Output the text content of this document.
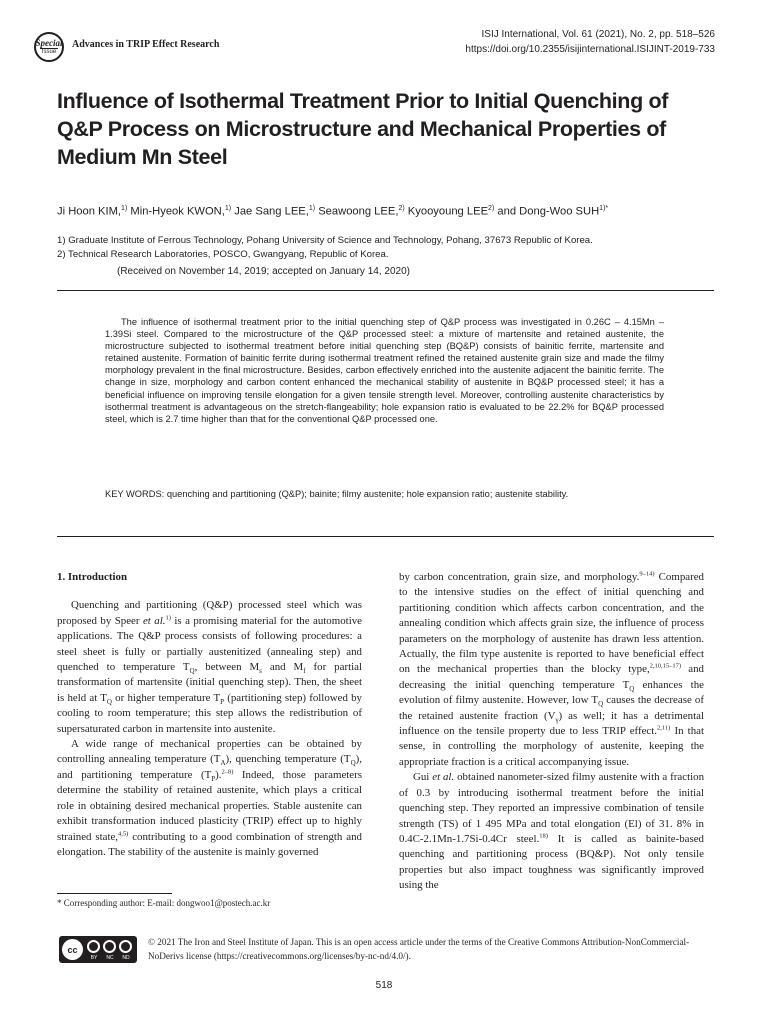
Special
Issue
Advances in TRIP Effect Research
ISIJ International, Vol. 61 (2021), No. 2, pp. 518–526
https://doi.org/10.2355/isijinternational.ISIJINT-2019-733
Influence of Isothermal Treatment Prior to Initial Quenching of Q&P Process on Microstructure and Mechanical Properties of Medium Mn Steel
Ji Hoon KIM,$^{1)}$ Min-Hyeok KWON,$^{1)}$ Jae Sang LEE,$^{1)}$ Seawoong LEE,$^{2)}$ Kyooyoung LEE$^{2)}$ and Dong-Woo $SUH^{1)*}$
1) Graduate Institute of Ferrous Technology, Pohang University of Science and Technology, Pohang, 37673 Republic of Korea.
2) Technical Research Laboratories, POSCO, Gwangyang, Republic of Korea.
(Received on November 14, 2019; accepted on January 14, 2020)

The influence of isothermal treatment prior to the initial quenching step of Q&P process was investigated in 0.26C – 4.15Mn – 1.39Si steel. Compared to the microstructure of the Q&P processed steel: a mixture of martensite and retained austenite, the microstructure subjected to isothermal treatment before initial quenching step (BQ&P) consists of bainitic ferrite, martensite and retained austenite. Formation of bainitic ferrite during isothermal treatment refined the retained austenite grain size and made the filmy morphology prevalent in the final microstructure. Besides, carbon effectively enriched into the austenite adjacent the bainitic ferrite. The change in size, morphology and carbon content enhanced the mechanical stability of austenite in BQ&P processed steel; it has a beneficial influence on improving tensile elongation for a given tensile strength level. Moreover, controlling austenite characteristics by isothermal treatment is advantageous on the stretch-flangeability; hole expansion ratio is evaluated to be 22.2% for BQ&P processed steel, which is 2.7 time higher than that for the conventional Q&P processed one.

KEY WORDS: quenching and partitioning (Q&P); bainite; filmy austenite; hole expansion ratio; austenite stability.

1. Introduction

Quenching and partitioning (Q&P) processed steel which was proposed by Speer et al.$^{1)}$ is a promising material for the automotive applications. The Q&P process consists of following procedures: a steel sheet is fully or partially austenitized (annealing step) and quenched to temperature $T_Q$, between $M_s$ and $M_f$ for partial transformation of martensite (initial quenching step). Then, the sheet is held at $T_Q$ or higher temperature $T_P$ (partitioning step) followed by cooling to room temperature; this step allows the redistribution of supersaturated carbon in martensite into austenite.

A wide range of mechanical properties can be obtained by controlling annealing temperature $(T_A)$, quenching temperature $(T_Q)$, and partitioning temperature $(T_P).^{2-8)}$ Indeed, those parameters determine the stability of retained austenite, which plays a critical role in obtaining desired mechanical properties. Stable austenite can exhibit transformation induced plasticity (TRIP) effect up to highly strained state,$^{4,5)}$ contributing to a good combination of strength and elongation. The stability of the austenite is mainly governed

by carbon concentration, grain size, and morphology.$^{9-14)}$ Compared to the intensive studies on the effect of initial quenching and partitioning condition which affects carbon concentration, and the annealing condition which affects grain size, the influence of process parameters on the morphology of austenite has drawn less attention. Actually, the film type austenite is reported to have beneficial effect on the mechanical properties than the blocky type,$^{2,10,15-17)}$ and decreasing the initial quenching temperature $T_Q$ enhances the evolution of filmy austenite. However, low $T_Q$ causes the decrease of the retained austenite fraction $(V_\gamma)$ as well; it has a detrimental influence on the tensile property due to less TRIP effect.$^{2,11)}$ In that sense, in controlling the morphology of austenite, keeping the appropriate fraction is a critical accompanying issue.

Gui et al. obtained nanometer-sized filmy austenite with a fraction of 0.3 by introducing isothermal treatment before the initial quenching step. They reported an impressive combination of tensile strength (TS) of 1 495 MPa and total elongation (El) of 31. 8% in 0.4C-2.1Mn-1.7Si-0.4Cr steel.$^{18)}$ It is called as bainite-based quenching and partitioning process (BQ&P). Not only tensile properties but also impact toughness was significantly improved using the

* Corresponding author: E-mail: dongwoo1@postech.ac.kr
cc
BY	NC	ND
© 2021 The Iron and Steel Institute of Japan. This is an open access article under the terms of the Creative Commons Attribution-NonCommercial-NoDerivs license (https://creativecommons.org/licenses/by-nc-nd/4.0/).
518
